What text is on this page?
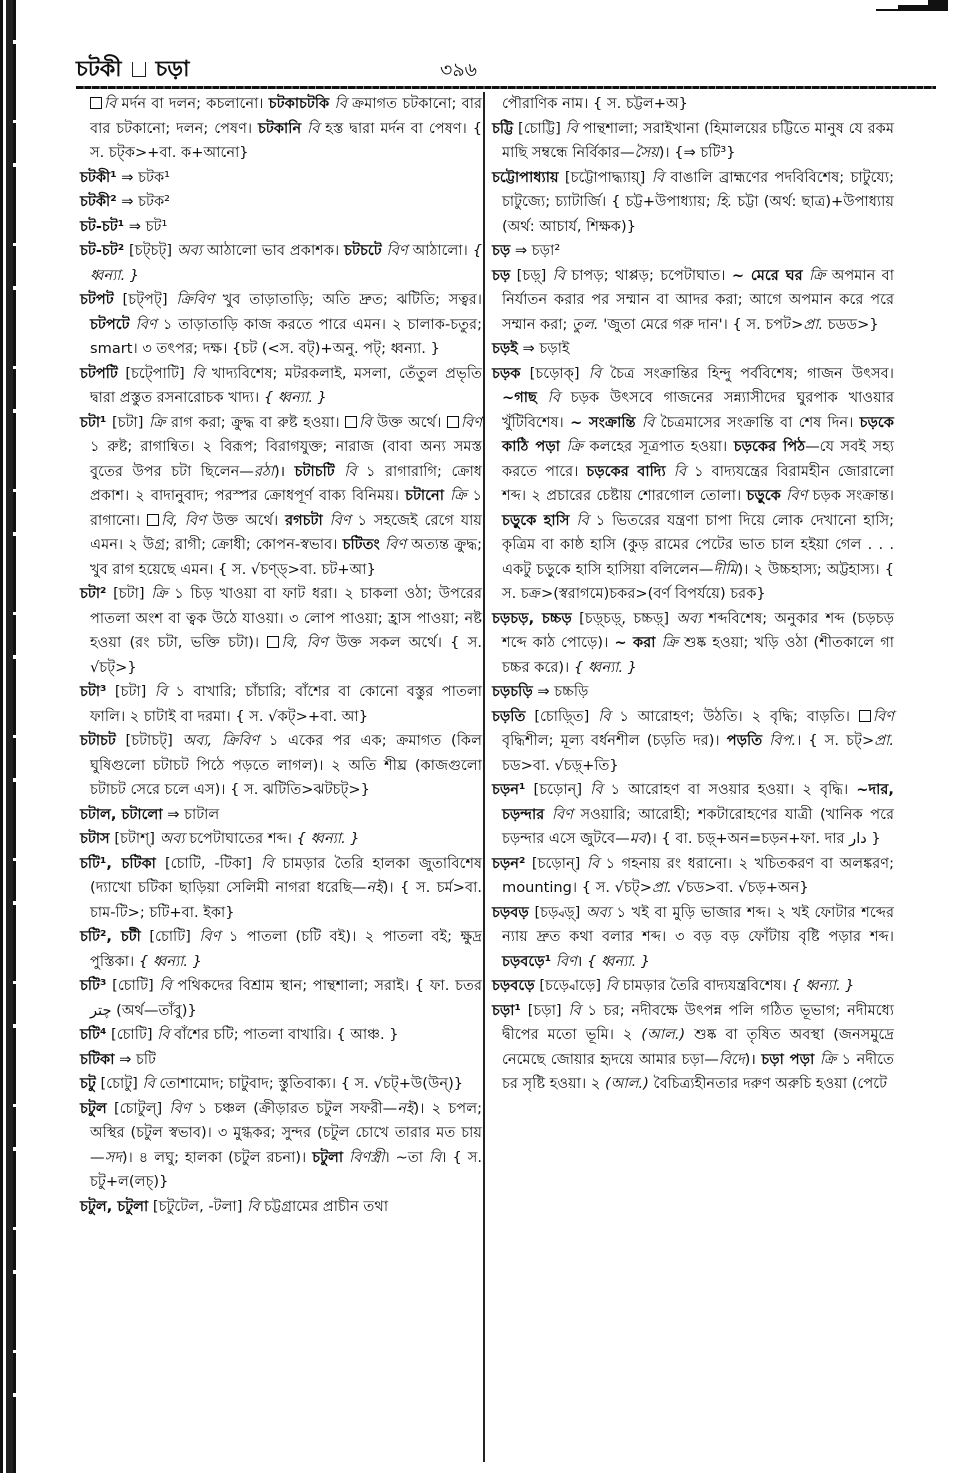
চটকী চড়া	৩৯৬

বি মর্দন বা দলন; কচলানো। চটকাচটকি বি ক্রমাগত চটকানো; বার বার চটকানো; দলন; পেষণ। চটকানি বি হস্ত দ্বারা মর্দন বা পেষণ। { স. চট্ক>+বা. ক+আনো}

চটকী¹ ⇒ চটক¹

চটকী² ⇒ চটক²

চট-চট¹ ⇒ চট¹

চট-চট² [চট্চট্] অব্য আঠালো ভাব প্রকাশক। চটচটে বিণ আঠালো। { ধ্বন্যা. }

চটপট [চট্পট্] ক্রিবিণ খুব তাড়াতাড়ি; অতি দ্রুত; ঝটিতি; সত্বর। চটপটে বিণ ১ তাড়াতাড়ি কাজ করতে পারে এমন। ২ চালাক-চতুর; smart। ৩ তৎপর; দক্ষ। {চট (<স. বট্)+অনু. পট্; ধ্বন্যা. }

চটপটি [চট্পোটি] বি খাদ্যবিশেষ; মটরকলাই, মসলা, তেঁতুল প্রভৃতি দ্বারা প্রস্তুত রসনারোচক খাদ্য। { ধ্বন্যা. }

চটা¹ [চটা] ক্রি রাগ করা; ক্রুদ্ধ বা রুষ্ট হওয়া। বি উক্ত অর্থে। বিণ ১ রুষ্ট; রাগান্বিত। ২ বিরূপ; বিরাগযুক্ত; নারাজ (বাবা অন্য সমস্ত বুতের উপর চটা ছিলেন—রঠা)। চটাচটি বি ১ রাগারাগি; ক্রোধ প্রকাশ। ২ বাদানুবাদ; পরস্পর ক্রোধপূর্ণ বাক্য বিনিময়। চটানো ক্রি ১ রাগানো। বি, বিণ উক্ত অর্থে। রগচটা বিণ ১ সহজেই রেগে যায় এমন। ২ উগ্র; রাগী; ক্রোধী; কোপন-স্বভাব। চটিতং বিণ অত্যন্ত ক্রুদ্ধ; খুব রাগ হয়েছে এমন। { স. √চণ্ড্>বা. চট+আ}

চটা² [চটা] ক্রি ১ চিড় খাওয়া বা ফাট ধরা। ২ চাকলা ওঠা; উপরের পাতলা অংশ বা ত্বক উঠে যাওয়া। ৩ লোপ পাওয়া; হ্রাস পাওয়া; নষ্ট হওয়া (রং চটা, ভক্তি চটা)। বি, বিণ উক্ত সকল অর্থে। { স. √চট্>}

চটা³ [চটা] বি ১ বাখারি; চাঁচারি; বাঁশের বা কোনো বস্তুর পাতলা ফালি। ২ চাটাই বা দরমা। { স. √কট্>+বা. আ}

চটাচট [চটাচট্] অব্য, ক্রিবিণ ১ একের পর এক; ক্রমাগত (কিল ঘুষিগুলো চটাচট পিঠে পড়তে লাগল)। ২ অতি শীঘ্র (কাজগুলো চটাচট সেরে চলে এস)। { স. ঝটিতি>ঝটচট্>}

চটাল, চটালো ⇒ চাটাল

চটাস [চটাশ্] অব্য চপেটাঘাতের শব্দ। { ধ্বন্যা. }

চটি¹, চটিকা [চোটি, -টিকা] বি চামড়ার তৈরি হালকা জুতাবিশেষ (দ্যাখো চটিকা ছাড়িয়া সেলিমী নাগরা ধরেছি—নই)। { স. চর্ম>বা. চাম-টি>; চটি+বা. ইকা}

চটি², চটী [চোটি] বিণ ১ পাতলা (চটি বই)। ২ পাতলা বই; ক্ষুদ্র পুস্তিকা। { ধ্বন্যা. }

চটি³ [চোটি] বি পথিকদের বিশ্রাম স্থান; পান্থশালা; সরাই। { ফা. চতর چتر (অর্থ—তাঁবু)}

চটি⁴ [চোটি] বি বাঁশের চটি; পাতলা বাখারি। { আঞ্চ. }

চটিকা ⇒ চটি

চটু [চোটু] বি তোশামোদ; চাটুবাদ; স্তুতিবাক্য। { স. √চট্+উ(উন্)}

চটুল [চোটুল্] বিণ ১ চঞ্চল (ক্রীড়ারত চটুল সফরী—নই)। ২ চপল; অস্থির (চটুল স্বভাব)। ৩ মুগ্ধকর; সুন্দর (চটুল চোখে তারার মত চায়—সদ)। ৪ লঘু; হালকা (চটুল রচনা)। চটুলা বিণস্ত্রী। ~তা বি। { স. চটু+ল(লচ্)}

চটুল, চটুলা [চটুটেল, -টলা] বি চট্টগ্রামের প্রাচীন তথা

পৌরাণিক নাম। { স. চট্টল+অ}

চট্টি [চোট্টি] বি পান্থশালা; সরাইখানা (হিমালয়ের চট্টিতে মানুষ যে রকম মাছি সম্বন্ধে নির্বিকার—সৈয়)। {⇒ চটি³}

চট্টোপাধ্যায় [চট্টোপাদ্ধ্যায়্] বি বাঙালি ব্রাহ্মণের পদবিবিশেষ; চাটুয্যে; চাটুজ্যে; চ্যাটার্জি। { চট্ট+উপাধ্যায়; হি. চট্টা (অর্থ: ছাত্র)+উপাধ্যায় (অর্থ: আচার্য, শিক্ষক)}

চড় ⇒ চড়া²

চড় [চড়্] বি চাপড়; থাপ্পড়; চপেটাঘাত। ~ মেরে ঘর ক্রি অপমান বা নির্যাতন করার পর সম্মান বা আদর করা; আগে অপমান করে পরে সম্মান করা; তুল. 'জুতা মেরে গরু দান'। { স. চপট>প্রা. চডড>}

চড়ই ⇒ চড়াই

চড়ক [চড়োক্] বি চৈত্র সংক্রান্তির হিন্দু পর্ববিশেষ; গাজন উৎসব। ~গাছ বি চড়ক উৎসবে গাজনের সন্ন্যাসীদের ঘুরপাক খাওয়ার খুঁটিবিশেষ। ~ সংক্রান্তি বি চৈত্রমাসের সংক্রান্তি বা শেষ দিন। চড়কে কাঠি পড়া ক্রি কলহের সূত্রপাত হওয়া। চড়কের পিঠ—যে সবই সহ্য করতে পারে। চড়কের বাদ্যি বি ১ বাদ্যযন্ত্রের বিরামহীন জোরালো শব্দ। ২ প্রচারের চেষ্টায় শোরগোল তোলা। চড়ুকে বিণ চড়ক সংক্রান্ত। চড়ুকে হাসি বি ১ ভিতরের যন্ত্রণা চাপা দিয়ে লোক দেখানো হাসি; কৃত্রিম বা কাষ্ঠ হাসি (কুড় রামের পেটের ভাত চাল হইয়া গেল . . . একটু চড়ুকে হাসি হাসিয়া বলিলেন—দীমি)। ২ উচ্চহাস্য; অট্টহাস্য। { স. চক্র>(স্বরাগমে)চকর>(বর্ণ বিপর্যয়ে) চরক}

চড়চড়, চচ্চড় [চড়্চড়্, চচ্চড়্] অব্য শব্দবিশেষ; অনুকার শব্দ (চড়চড় শব্দে কাঠ পোড়ে)। ~ করা ক্রি শুষ্ক হওয়া; খড়ি ওঠা (শীতকালে গা চচ্চর করে)। { ধ্বন্যা. }

চড়চড়ি ⇒ চচ্চড়ি

চড়তি [চোড়্তি] বি ১ আরোহণ; উঠতি। ২ বৃদ্ধি; বাড়তি। বিণ বৃদ্ধিশীল; মূল্য বর্ধনশীল (চড়তি দর)। পড়তি বিপ.। { স. চট্>প্রা. চড>বা. √চড়্+তি}

চড়ন¹ [চড়োন্] বি ১ আরোহণ বা সওয়ার হওয়া। ২ বৃদ্ধি। ~দার, চড়ন্দার বিণ সওয়ারি; আরোহী; শকটারোহণের যাত্রী (খানিক পরে চড়ন্দার এসে জুটবে—মব)। { বা. চড়্+অন=চড়ন+ফা. দার دار }

চড়ন² [চড়োন্] বি ১ গহনায় রং ধরানো। ২ খচিতকরণ বা অলঙ্করণ; mounting। { স. √চট্>প্রা. √চড>বা. √চড়+অন}

চড়বড় [চড়্বড়্] অব্য ১ খই বা মুড়ি ভাজার শব্দ। ২ খই ফোটার শব্দের ন্যায় দ্রুত কথা বলার শব্দ। ৩ বড় বড় ফোঁটায় বৃষ্টি পড়ার শব্দ। চড়বড়ে¹ বিণ। { ধ্বন্যা. }

চড়বড়ে [চড়্বোড়ে] বি চামড়ার তৈরি বাদ্যযন্ত্রবিশেষ। { ধ্বন্যা. }

চড়া¹ [চড়া] বি ১ চর; নদীবক্ষে উৎপন্ন পলি গঠিত ভূভাগ; নদীমধ্যে দ্বীপের মতো ভূমি। ২ (আল.) শুষ্ক বা তৃষিত অবস্থা (জনসমুদ্রে নেমেছে জোয়ার হৃদয়ে আমার চড়া—বিদে)। চড়া পড়া ক্রি ১ নদীতে চর সৃষ্টি হওয়া। ২ (আল.) বৈচিত্র্যহীনতার দরুণ অরুচি হওয়া (পেটে
